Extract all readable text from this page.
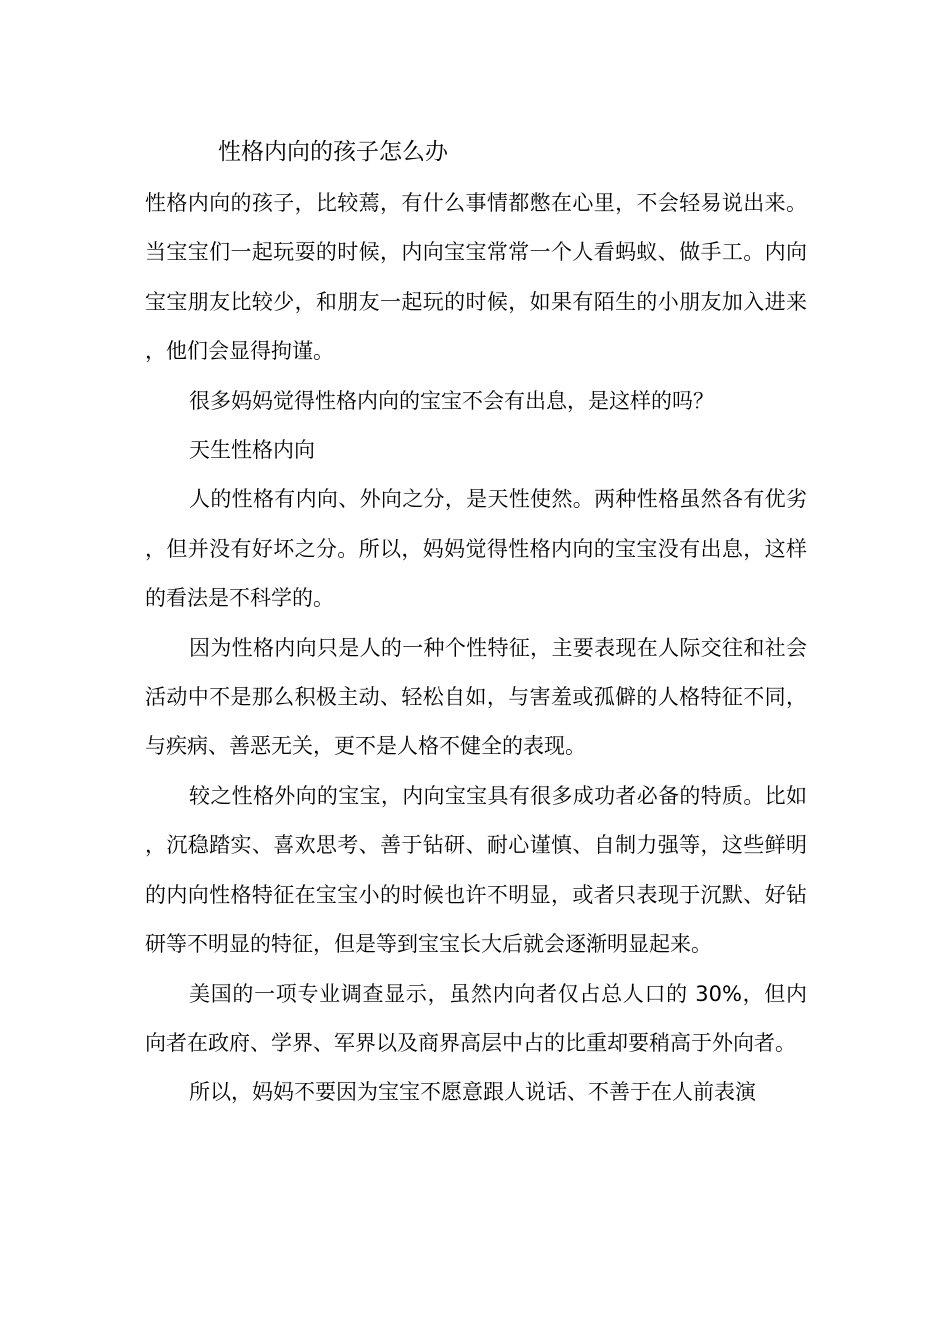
性格内向的孩子怎么办

性格内向的孩子，比较蔫，有什么事情都憋在心里，不会轻易说出来。当宝宝们一起玩耍的时候，内向宝宝常常一个人看蚂蚁、做手工。内向宝宝朋友比较少，和朋友一起玩的时候，如果有陌生的小朋友加入进来，他们会显得拘谨。

很多妈妈觉得性格内向的宝宝不会有出息，是这样的吗？

天生性格内向

人的性格有内向、外向之分，是天性使然。两种性格虽然各有优劣，但并没有好坏之分。所以，妈妈觉得性格内向的宝宝没有出息，这样的看法是不科学的。

因为性格内向只是人的一种个性特征，主要表现在人际交往和社会活动中不是那么积极主动、轻松自如，与害羞或孤僻的人格特征不同，与疾病、善恶无关，更不是人格不健全的表现。

较之性格外向的宝宝，内向宝宝具有很多成功者必备的特质。比如，沉稳踏实、喜欢思考、善于钻研、耐心谨慎、自制力强等，这些鲜明的内向性格特征在宝宝小的时候也许不明显，或者只表现于沉默、好钻研等不明显的特征，但是等到宝宝长大后就会逐渐明显起来。

美国的一项专业调查显示，虽然内向者仅占总人口的 30%，但内向者在政府、学界、军界以及商界高层中占的比重却要稍高于外向者。

所以，妈妈不要因为宝宝不愿意跟人说话、不善于在人前表演
